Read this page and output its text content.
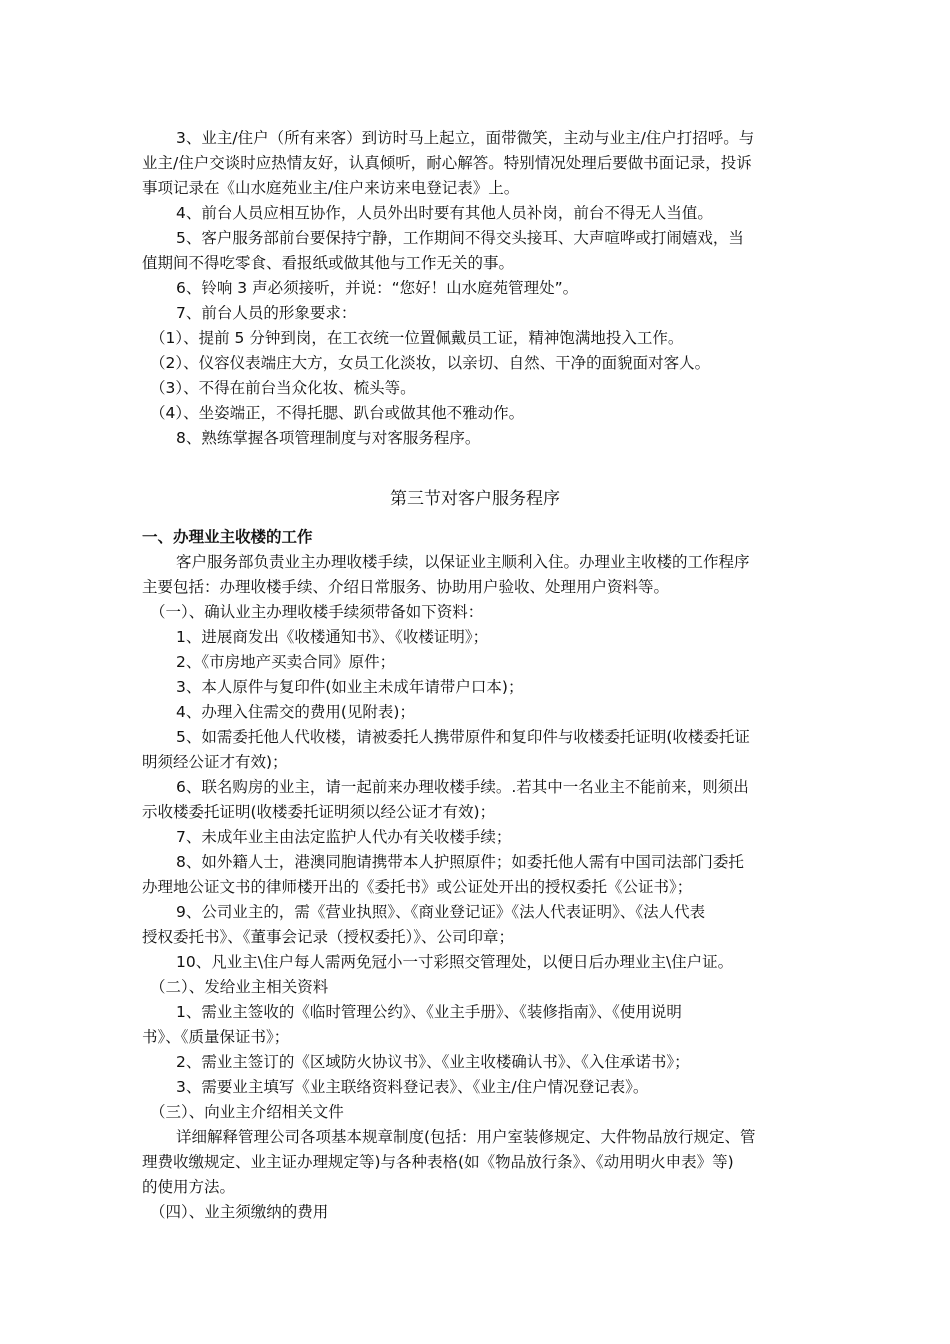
3、业主/住户（所有来客）到访时马上起立，面带微笑，主动与业主/住户打招呼。与
业主/住户交谈时应热情友好，认真倾听，耐心解答。特别情况处理后要做书面记录，投诉
事项记录在《山水庭苑业主/住户来访来电登记表》上。
4、前台人员应相互协作，人员外出时要有其他人员补岗，前台不得无人当值。
5、客户服务部前台要保持宁静，工作期间不得交头接耳、大声喧哗或打闹嬉戏，当
值期间不得吃零食、看报纸或做其他与工作无关的事。
6、铃响 3 声必须接听，并说：“您好！山水庭苑管理处”。
7、前台人员的形象要求：
（1）、提前 5 分钟到岗，在工衣统一位置佩戴员工证，精神饱满地投入工作。
（2）、仪容仪表端庄大方，女员工化淡妆，以亲切、自然、干净的面貌面对客人。
（3）、不得在前台当众化妆、梳头等。
（4）、坐姿端正，不得托腮、趴台或做其他不雅动作。
8、熟练掌握各项管理制度与对客服务程序。
第三节对客户服务程序
一、办理业主收楼的工作
客户服务部负责业主办理收楼手续，以保证业主顺利入住。办理业主收楼的工作程序
主要包括：办理收楼手续、介绍日常服务、协助用户验收、处理用户资料等。
（一）、确认业主办理收楼手续须带备如下资料：
1、进展商发出《收楼通知书》、《收楼证明》；
2、《市房地产买卖合同》原件；
3、本人原件与复印件(如业主未成年请带户口本)；
4、办理入住需交的费用(见附表)；
5、如需委托他人代收楼，请被委托人携带原件和复印件与收楼委托证明(收楼委托证
明须经公证才有效)；
6、联名购房的业主，请一起前来办理收楼手续。.若其中一名业主不能前来，则须出
示收楼委托证明(收楼委托证明须以经公证才有效)；
7、未成年业主由法定监护人代办有关收楼手续；
8、如外籍人士，港澳同胞请携带本人护照原件；如委托他人需有中国司法部门委托
办理地公证文书的律师楼开出的《委托书》或公证处开出的授权委托《公证书》；
9、公司业主的，需《营业执照》、《商业登记证》《法人代表证明》、《法人代表
授权委托书》、《董事会记录（授权委托）》、公司印章；
10、凡业主\住户每人需两免冠小一寸彩照交管理处，以便日后办理业主\住户证。
（二）、发给业主相关资料
1、需业主签收的《临时管理公约》、《业主手册》、《装修指南》、《使用说明
书》、《质量保证书》；
2、需业主签订的《区域防火协议书》、《业主收楼确认书》、《入住承诺书》；
3、需要业主填写《业主联络资料登记表》、《业主/住户情况登记表》。
（三）、向业主介绍相关文件
详细解释管理公司各项基本规章制度(包括：用户室装修规定、大件物品放行规定、管
理费收缴规定、业主证办理规定等)与各种表格(如《物品放行条》、《动用明火申表》等)
的使用方法。
（四）、业主须缴纳的费用
